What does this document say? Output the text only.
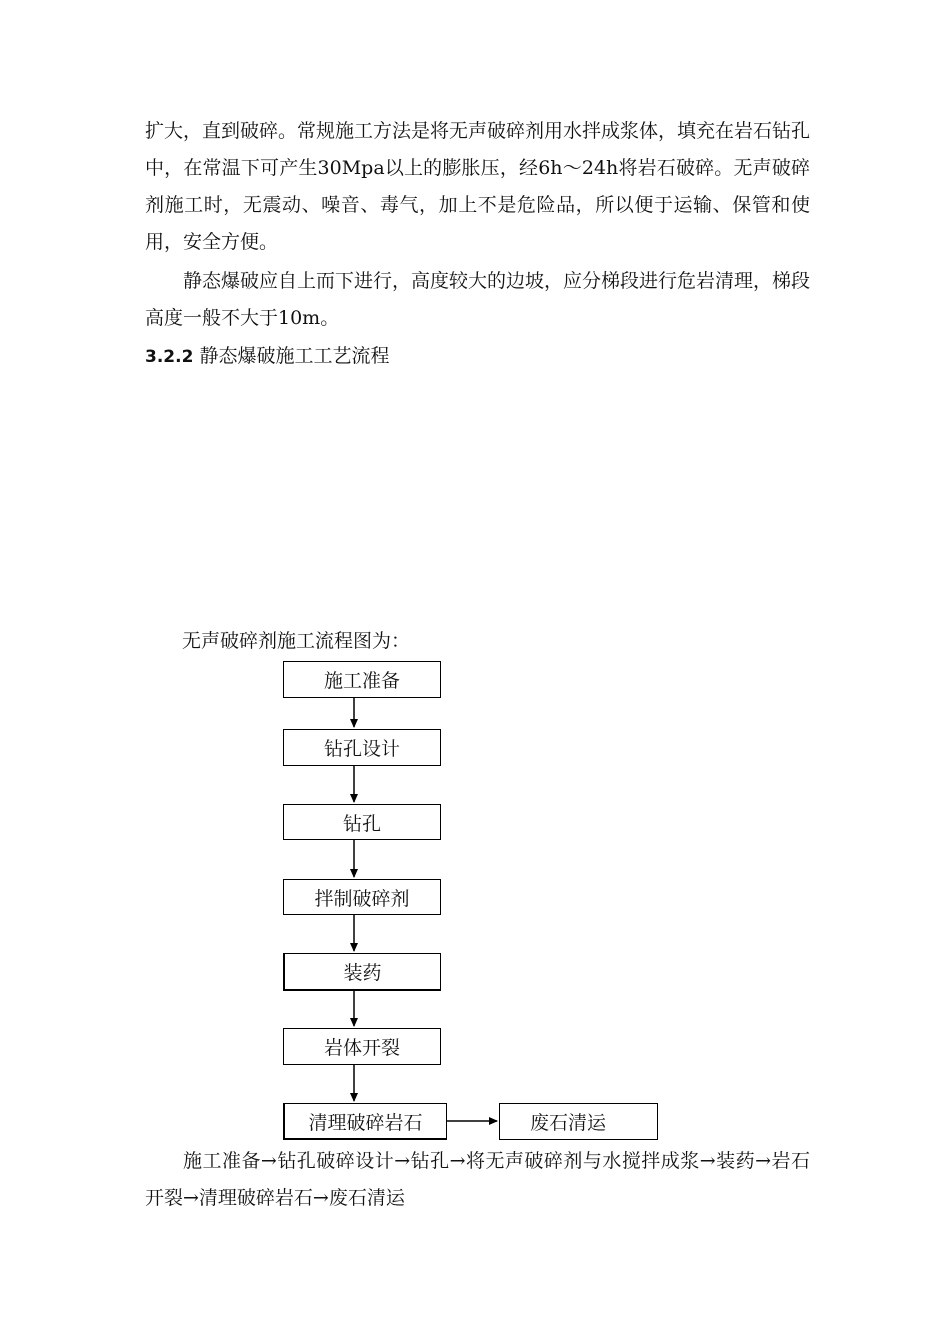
扩大，直到破碎。常规施工方法是将无声破碎剂用水拌成浆体，填充在岩石钻孔中，在常温下可产生30Mpa以上的膨胀压，经6h～24h将岩石破碎。无声破碎剂施工时，无震动、噪音、毒气，加上不是危险品，所以便于运输、保管和使用，安全方便。
静态爆破应自上而下进行，高度较大的边坡，应分梯段进行危岩清理，梯段高度一般不大于10m。
3.2.2 静态爆破施工工艺流程
无声破碎剂施工流程图为：
施工准备
钻孔设计
钻孔
拌制破碎剂
装药
岩体开裂
清理破碎岩石	废石清运
施工准备→钻孔破碎设计→钻孔→将无声破碎剂与水搅拌成浆→装药→岩石开裂→清理破碎岩石→废石清运
